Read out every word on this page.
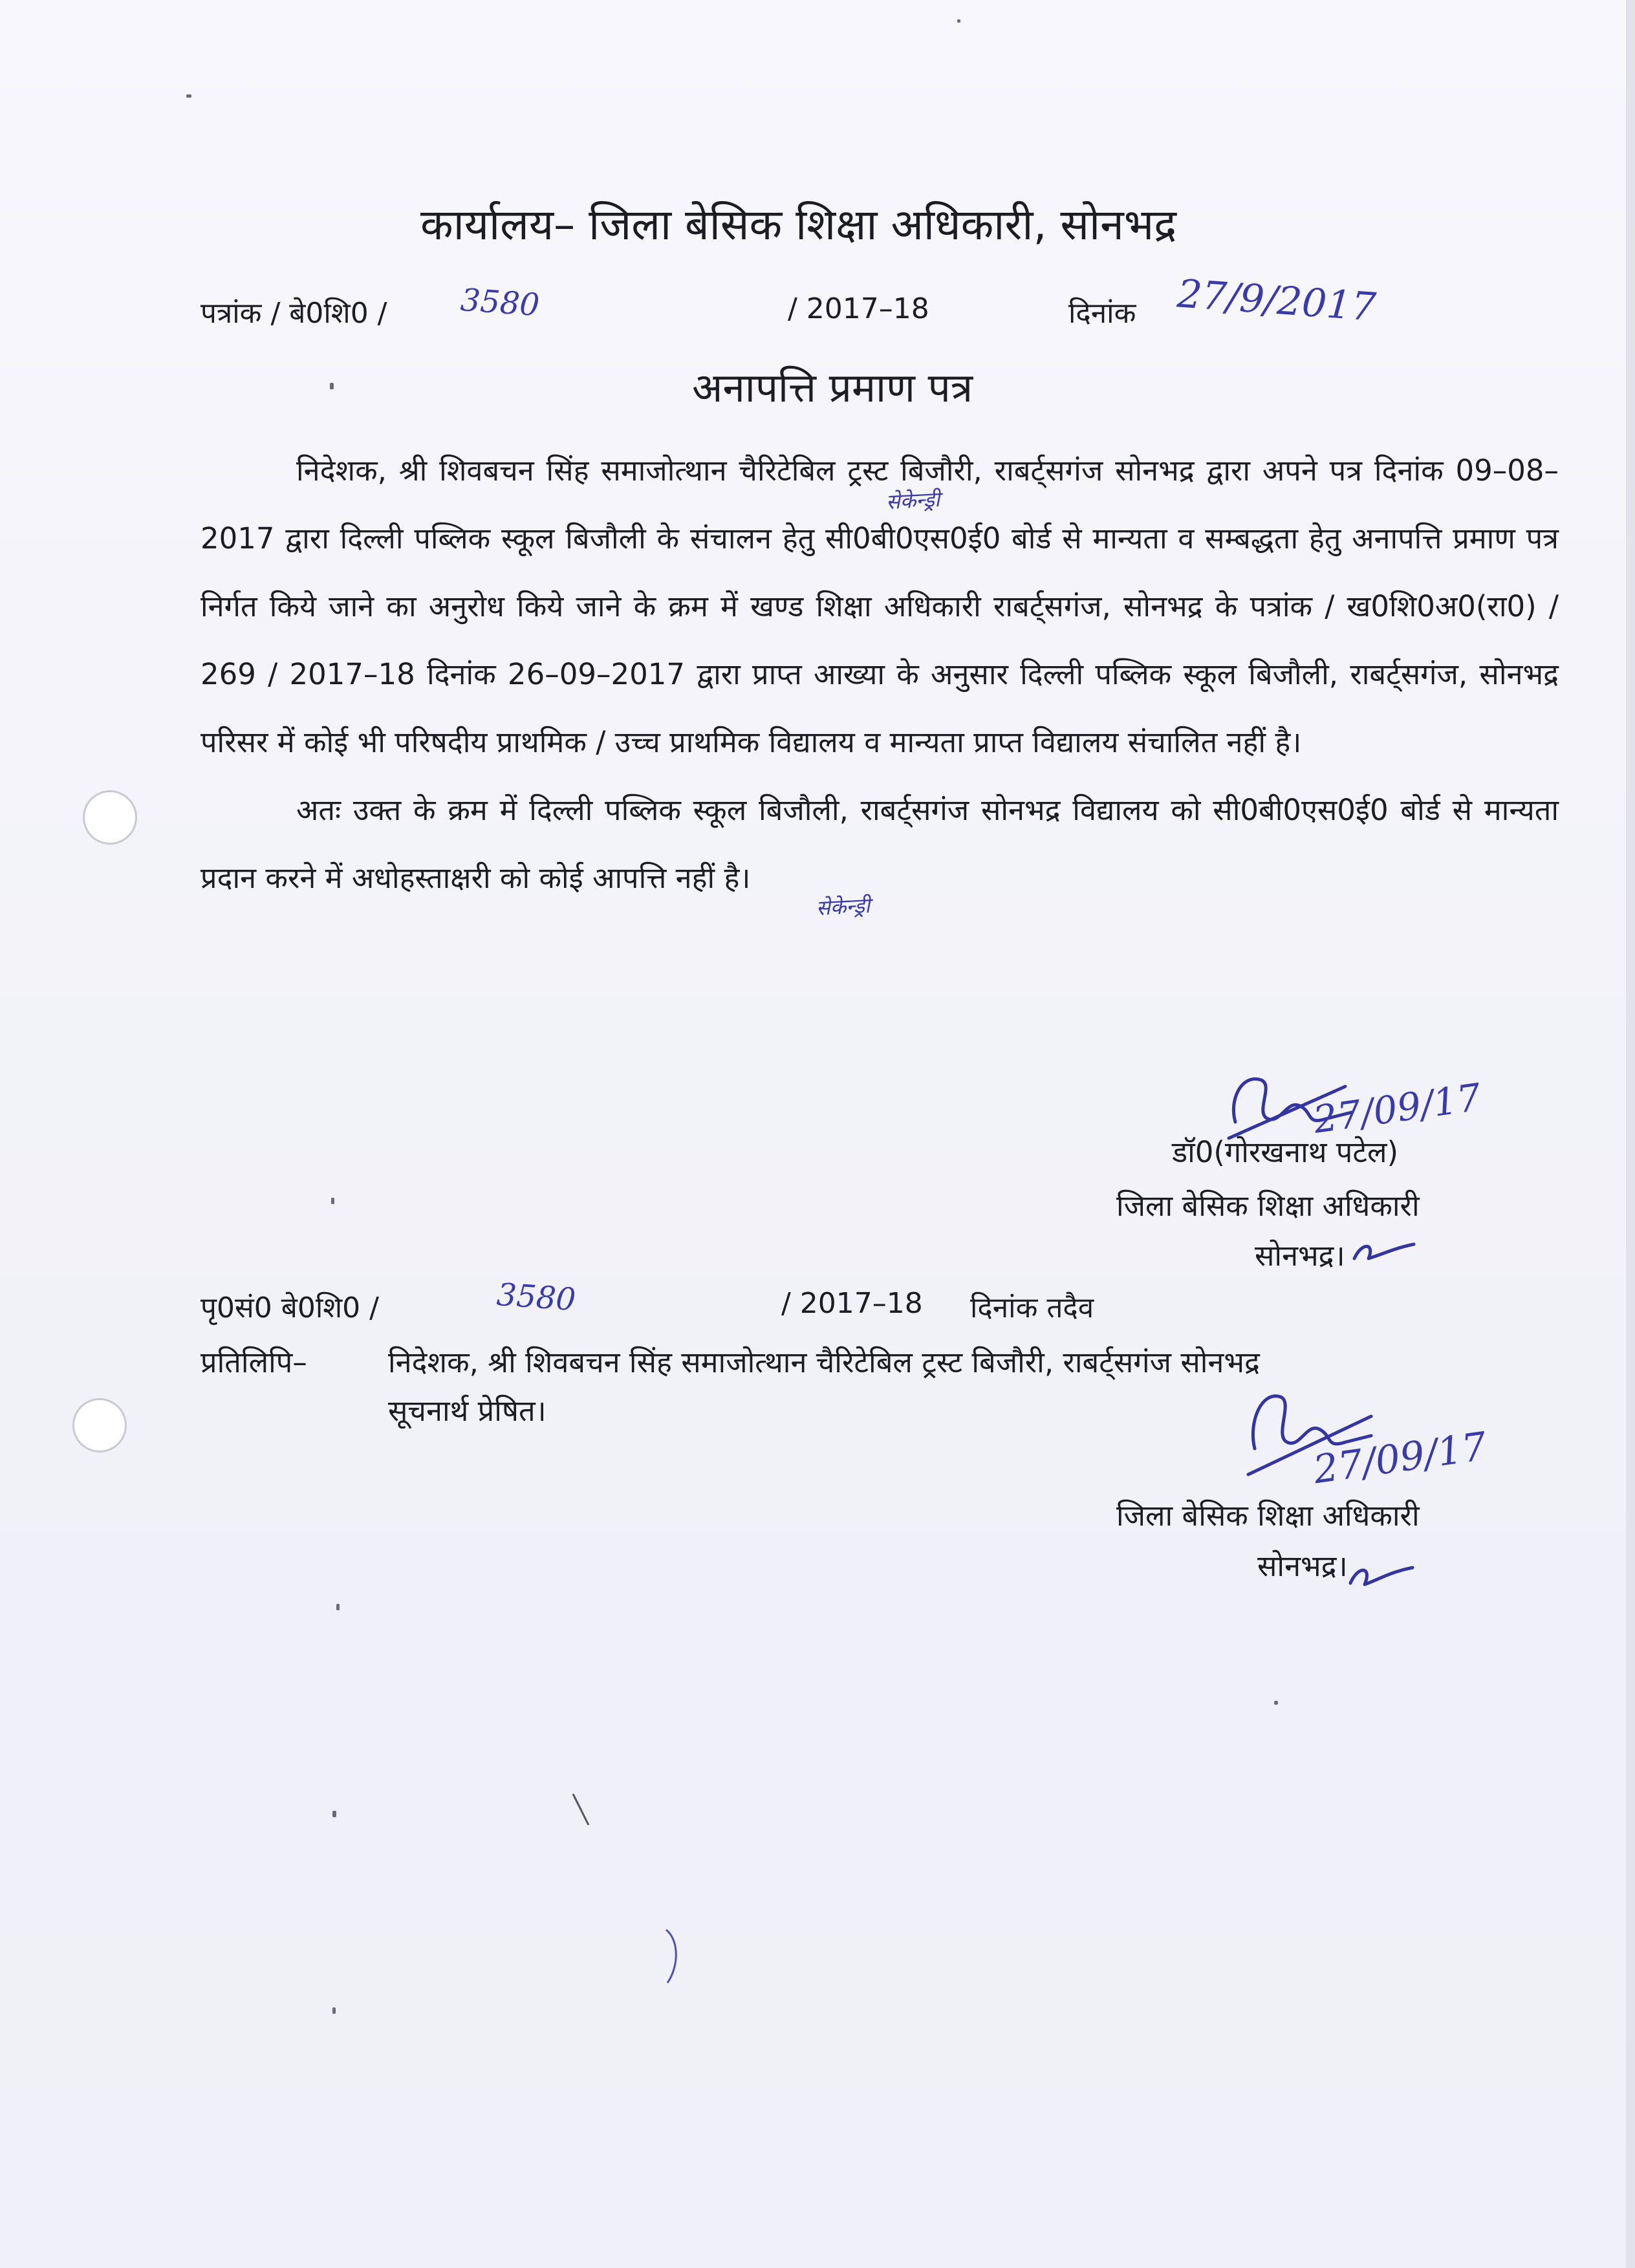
कार्यालय– जिला बेसिक शिक्षा अधिकारी, सोनभद्र
पत्रांक / बे0शि0 / 3580	/ 2017–18	दिनांक 27/9/2017
अनापत्ति प्रमाण पत्र

निदेशक, श्री शिवबचन सिंह समाजोत्थान चैरिटेबिल ट्रस्ट बिजौरी, राबर्ट्सगंज सोनभद्र द्वारा अपने पत्र दिनांक 09–08–2017 द्वारा दिल्ली पब्लिक स्कूल बिजौली के संचालन हेतु सी0बी0एस0ई0 बोर्ड से मान्यता व सम्बद्धता हेतु अनापत्ति प्रमाण पत्र निर्गत किये जाने का अनुरोध किये जाने के क्रम में खण्ड शिक्षा अधिकारी राबर्ट्सगंज, सोनभद्र के पत्रांक / ख0शि0अ0(रा0) / 269 / 2017–18 दिनांक 26–09–2017 द्वारा प्राप्त आख्या के अनुसार दिल्ली पब्लिक स्कूल बिजौली, राबर्ट्सगंज, सोनभद्र परिसर में कोई भी परिषदीय प्राथमिक / उच्च प्राथमिक विद्यालय व मान्यता प्राप्त विद्यालय संचालित नहीं है।

अतः उक्त के क्रम में दिल्ली पब्लिक स्कूल बिजौली, राबर्ट्सगंज सोनभद्र विद्यालय को सी0बी0एस0ई0 बोर्ड से मान्यता प्रदान करने में अधोहस्ताक्षरी को कोई आपत्ति नहीं है।

सेकेन्ड्री
सेकेन्ड्री
27/09/17
डॉ0(गोरखनाथ पटेल)
जिला बेसिक शिक्षा अधिकारी
सोनभद्र।
पृ0सं0 बे0शि0 /	3580	/ 2017–18 दिनांक तदैव
प्रतिलिपि–	निदेशक, श्री शिवबचन सिंह समाजोत्थान चैरिटेबिल ट्रस्ट बिजौरी, राबर्ट्सगंज सोनभद्र
सूचनार्थ प्रेषित।
27/09/17
जिला बेसिक शिक्षा अधिकारी
सोनभद्र।
